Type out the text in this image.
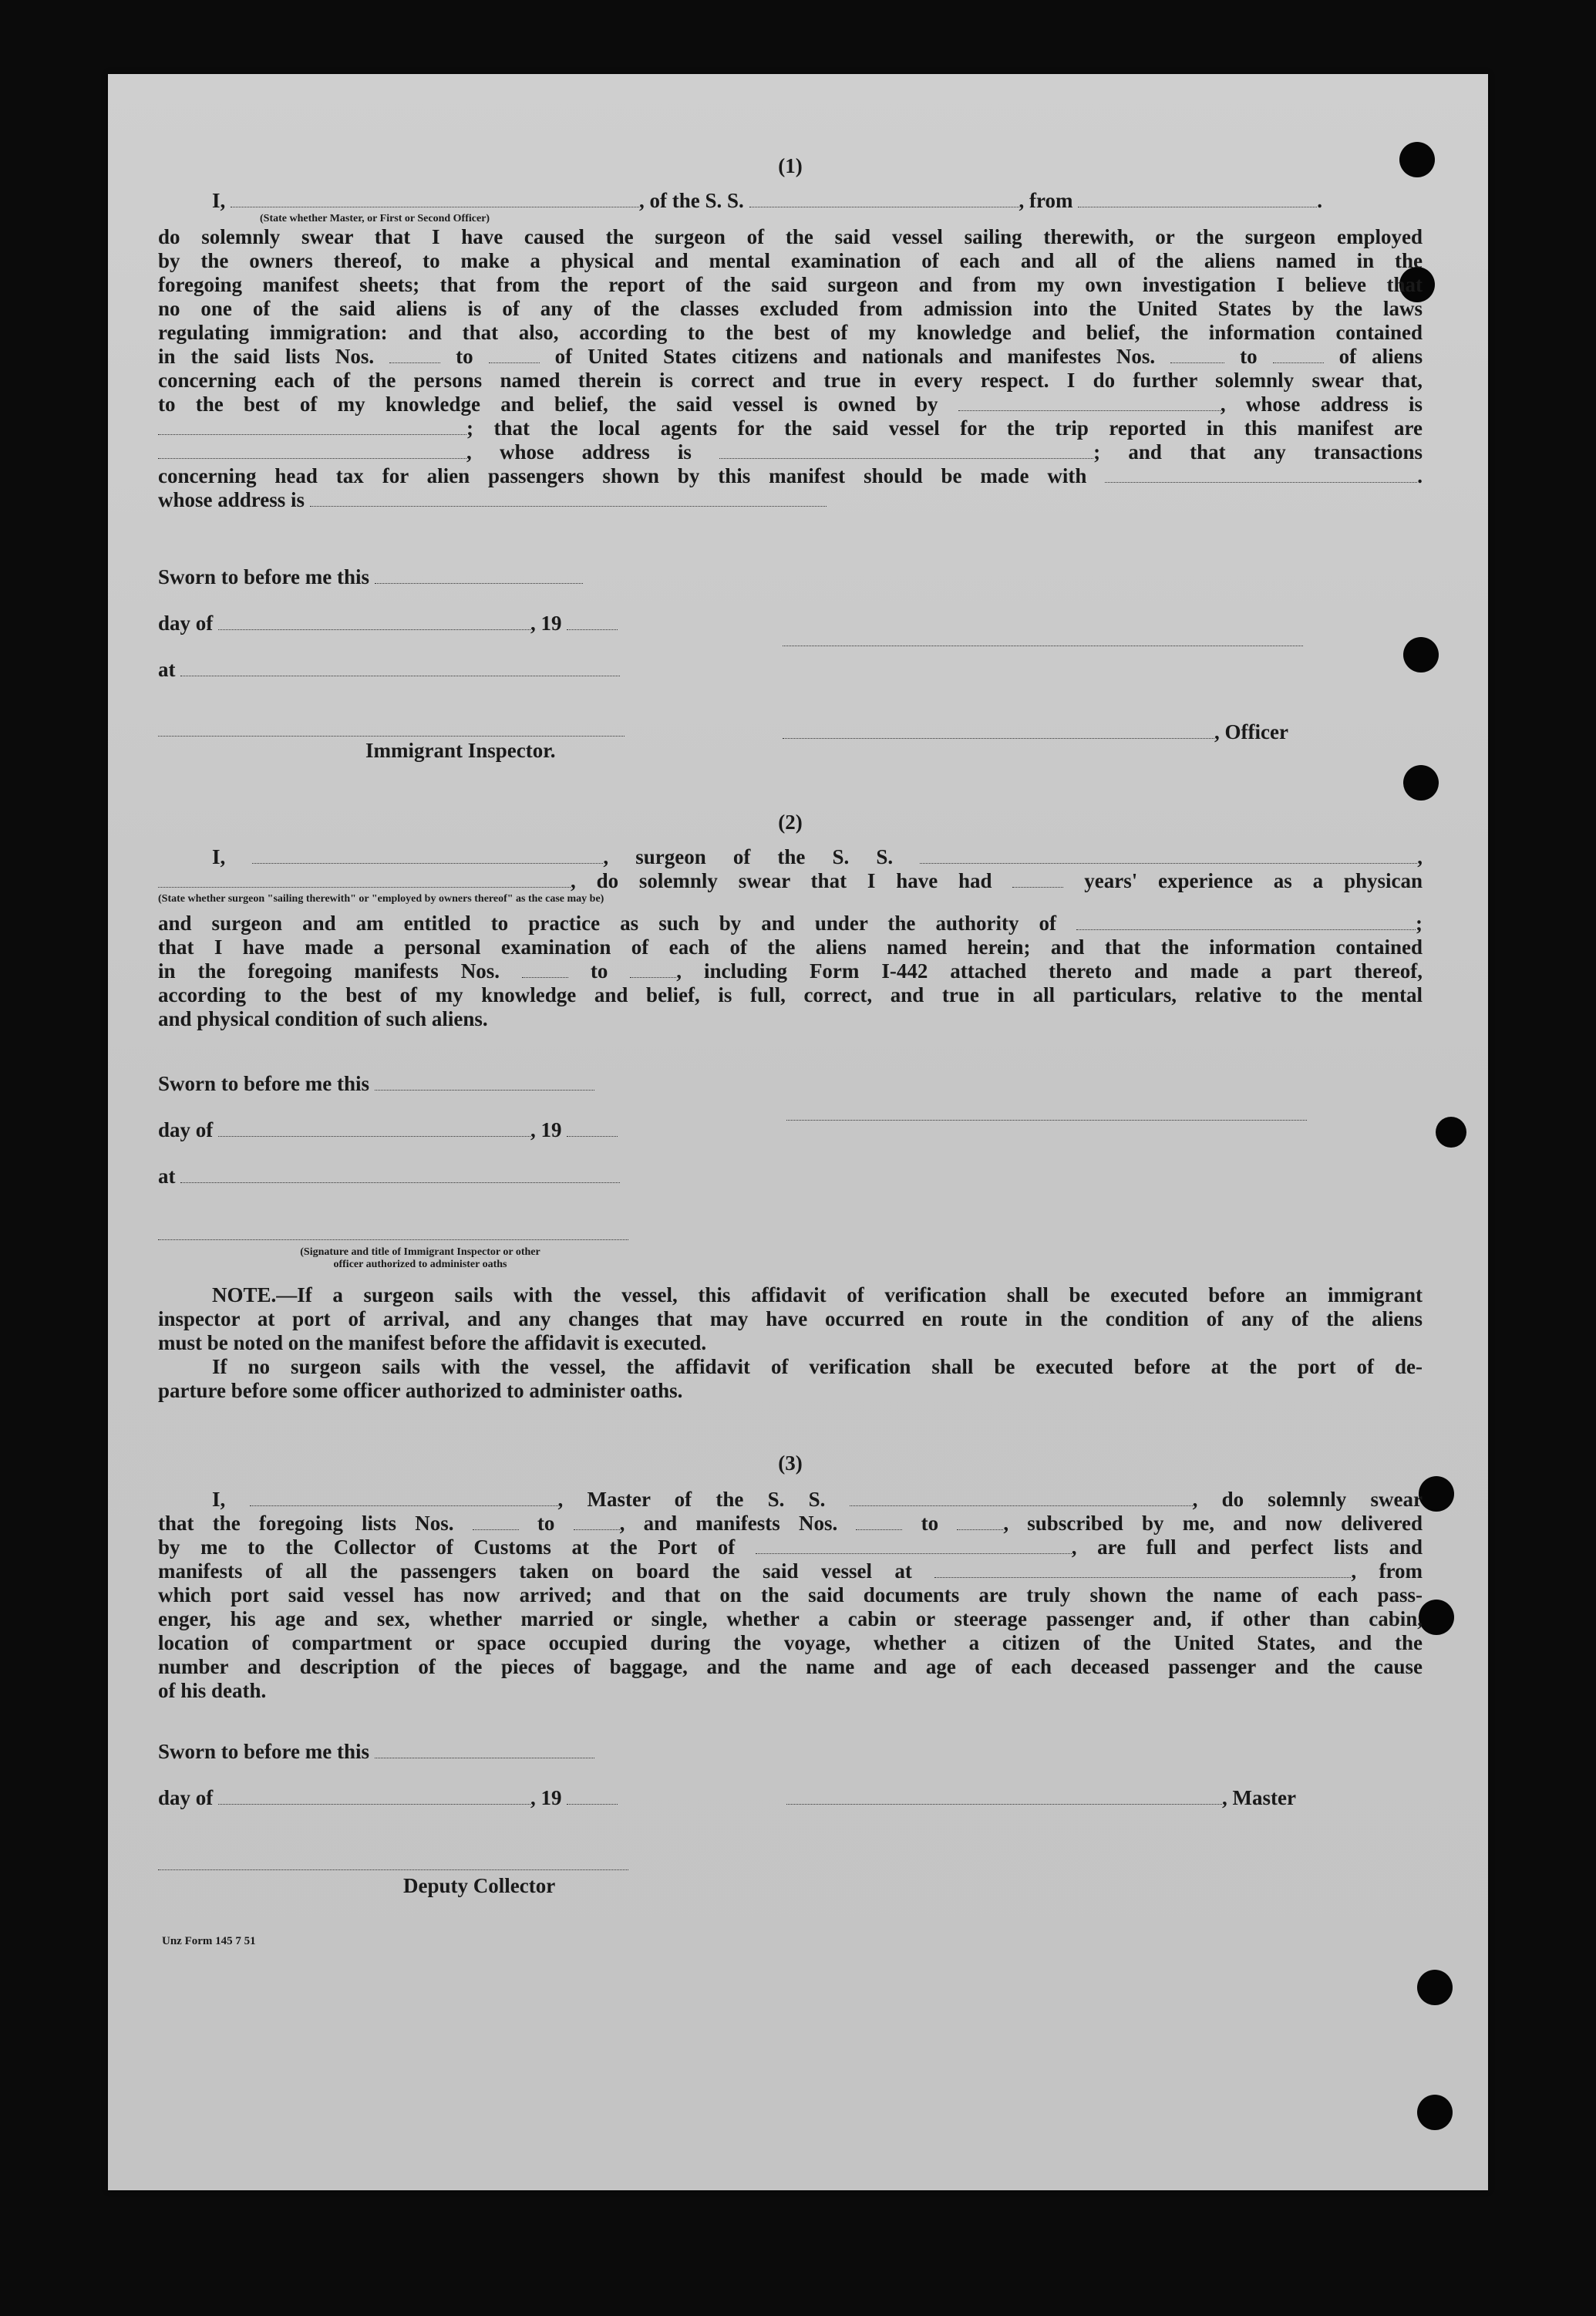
(1)
I,	, of the S. S.	, from	.
(State whether Master, or First or Second Officer)
do solemnly swear that I have caused the surgeon of the said vessel sailing therewith, or the surgeon employed
by the owners thereof, to make a physical and mental examination of each and all of the aliens named in the
foregoing manifest sheets; that from the report of the said surgeon and from my own investigation I believe that
no one of the said aliens is of any of the classes excluded from admission into the United States by the laws
regulating immigration: and that also, according to the best of my knowledge and belief, the information contained
in the said lists Nos.	to	of United States citizens and nationals and manifestes Nos.	to	of aliens
concerning each of the persons named therein is correct and true in every respect. I do further solemnly swear that,
to the best of my knowledge and belief, the said vessel is owned by	, whose address is
; that the local agents for the said vessel for the trip reported in this manifest are
, whose address is	; and that any transactions
concerning head tax for alien passengers shown by this manifest should be made with	.
whose address is
Sworn to before me this
day of	, 19
at
, Officer
Immigrant Inspector.
(2)
I,	, surgeon of the S. S.	,
, do solemnly swear that I have had	years' experience as a physican
(State whether surgeon "sailing therewith" or "employed by owners thereof" as the case may be)
and surgeon and am entitled to practice as such by and under the authority of	;
that I have made a personal examination of each of the aliens named herein; and that the information contained
in the foregoing manifests Nos.	to	, including Form I-442 attached thereto and made a part thereof,
according to the best of my knowledge and belief, is full, correct, and true in all particulars, relative to the mental
and physical condition of such aliens.
Sworn to before me this
day of	, 19
at
(Signature and title of Immigrant Inspector or other
officer authorized to administer oaths
NOTE.—If a surgeon sails with the vessel, this affidavit of verification shall be executed before an immigrant
inspector at port of arrival, and any changes that may have occurred en route in the condition of any of the aliens
must be noted on the manifest before the affidavit is executed.
If no surgeon sails with the vessel, the affidavit of verification shall be executed before at the port of de-
parture before some officer authorized to administer oaths.
(3)
I,	, Master of the S. S.	, do solemnly swear
that the foregoing lists Nos.	to	, and manifests Nos.	to	, subscribed by me, and now delivered
by me to the Collector of Customs at the Port of	, are full and perfect lists and
manifests of all the passengers taken on board the said vessel at	, from
which port said vessel has now arrived; and that on the said documents are truly shown the name of each pass-
enger, his age and sex, whether married or single, whether a cabin or steerage passenger and, if other than cabin,
location of compartment or space occupied during the voyage, whether a citizen of the United States, and the
number and description of the pieces of baggage, and the name and age of each deceased passenger and the cause
of his death.
Sworn to before me this
day of	, 19	, Master
Deputy Collector
Unz Form 145 7 51
